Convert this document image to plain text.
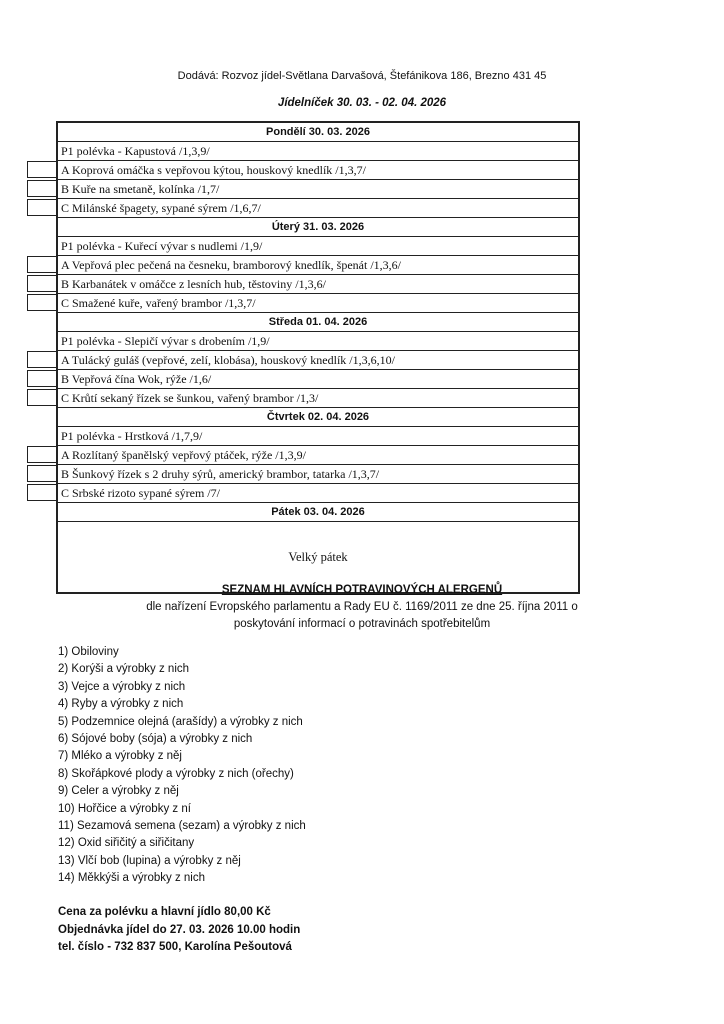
Dodává: Rozvoz jídel-Světlana Darvašová, Štefánikova 186, Brezno 431 45
Jídelníček 30. 03. - 02. 04. 2026
Pondělí 30. 03. 2026
P1 polévka - Kapustová /1,3,9/
A Koprová omáčka s vepřovou kýtou, houskový knedlík /1,3,7/
B Kuře na smetaně, kolínka /1,7/
C Milánské špagety, sypané sýrem /1,6,7/
Úterý 31. 03. 2026
P1 polévka - Kuřecí vývar s nudlemi /1,9/
A Vepřová plec pečená na česneku, bramborový knedlík, špenát /1,3,6/
B Karbanátek v omáčce z lesních hub, těstoviny /1,3,6/
C Smažené kuře, vařený brambor /1,3,7/
Středa 01. 04. 2026
P1 polévka - Slepičí vývar s drobením /1,9/
A Tulácký guláš (vepřové, zelí, klobása), houskový knedlík /1,3,6,10/
B Vepřová čína Wok, rýže /1,6/
C Krůtí sekaný řízek se šunkou, vařený brambor /1,3/
Čtvrtek 02. 04. 2026
P1 polévka - Hrstková /1,7,9/
A Rozlítaný španělský vepřový ptáček, rýže /1,3,9/
B Šunkový řízek s 2 druhy sýrů, americký brambor, tatarka /1,3,7/
C Srbské rizoto sypané sýrem /7/
Pátek 03. 04. 2026
Velký pátek
SEZNAM HLAVNÍCH POTRAVINOVÝCH ALERGENŮ
dle nařízení Evropského parlamentu a Rady EU č. 1169/2011 ze dne 25. října 2011 o
poskytování informací o potravinách spotřebitelům
1) Obiloviny
2) Korýši a výrobky z nich
3) Vejce a výrobky z nich
4) Ryby a výrobky z nich
5) Podzemnice olejná (arašídy) a výrobky z nich
6) Sójové boby (sója) a výrobky z nich
7) Mléko a výrobky z něj
8) Skořápkové plody a výrobky z nich (ořechy)
9) Celer a výrobky z něj
10) Hořčice a výrobky z ní
11) Sezamová semena (sezam) a výrobky z nich
12) Oxid siřičitý a siřičitany
13) Vlčí bob (lupina) a výrobky z něj
14) Měkkýši a výrobky z nich
Cena za polévku a hlavní jídlo 80,00 Kč
Objednávka jídel do 27. 03. 2026 10.00 hodin
tel. číslo - 732 837 500, Karolína Pešoutová
